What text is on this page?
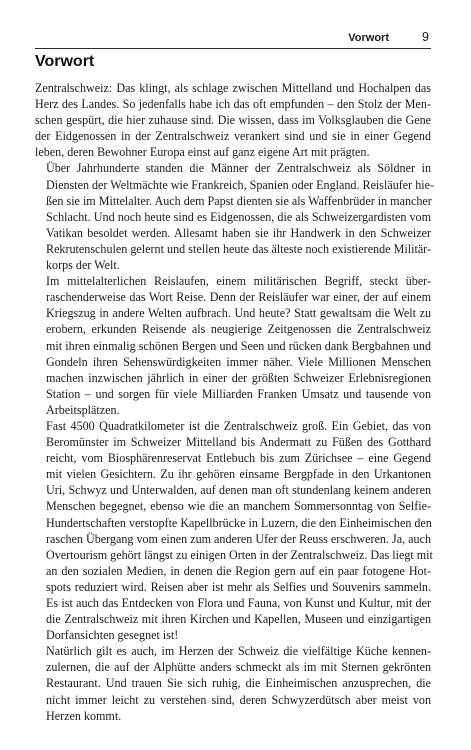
Vorwort	9
Vorwort

Zentralschweiz: Das klingt, als schlage zwischen Mittelland und Hochalpen das
Herz des Landes. So jedenfalls habe ich das oft empfunden – den Stolz der Men-
schen gespürt, die hier zuhause sind. Die wissen, dass im Volksglauben die Gene
der Eidgenossen in der Zentralschweiz verankert sind und sie in einer Gegend
leben, deren Bewohner Europa einst auf ganz eigene Art mit prägten.

Über Jahrhunderte standen die Männer der Zentralschweiz als Söldner in
Diensten der Weltmächte wie Frankreich, Spanien oder England. Reisläufer hie-
ßen sie im Mittelalter. Auch dem Papst dienten sie als Waffenbrüder in mancher
Schlacht. Und noch heute sind es Eidgenossen, die als Schweizergardisten vom
Vatikan besoldet werden. Allesamt haben sie ihr Handwerk in den Schweizer
Rekrutenschulen gelernt und stellen heute das älteste noch existierende Militär-
korps der Welt.

Im mittelalterlichen Reislaufen, einem militärischen Begriff, steckt über-
raschenderweise das Wort Reise. Denn der Reisläufer war einer, der auf einem
Kriegszug in andere Welten aufbrach. Und heute? Statt gewaltsam die Welt zu
erobern, erkunden Reisende als neugierige Zeitgenossen die Zentralschweiz
mit ihren einmalig schönen Bergen und Seen und rücken dank Bergbahnen und
Gondeln ihren Sehenswürdigkeiten immer näher. Viele Millionen Menschen
machen inzwischen jährlich in einer der größten Schweizer Erlebnisregionen
Station – und sorgen für viele Milliarden Franken Umsatz und tausende von
Arbeitsplätzen.

Fast 4500 Quadratkilometer ist die Zentralschweiz groß. Ein Gebiet, das von
Beromünster im Schweizer Mittelland bis Andermatt zu Füßen des Gotthard
reicht, vom Biosphärenreservat Entlebuch bis zum Zürichsee – eine Gegend
mit vielen Gesichtern. Zu ihr gehören einsame Bergpfade in den Urkantonen
Uri, Schwyz und Unterwalden, auf denen man oft stundenlang keinem anderen
Menschen begegnet, ebenso wie die an manchem Sommersonntag von Selfie-
Hundertschaften verstopfte Kapellbrücke in Luzern, die den Einheimischen den
raschen Übergang vom einen zum anderen Ufer der Reuss erschweren. Ja, auch
Overtourism gehört längst zu einigen Orten in der Zentralschweiz. Das liegt mit
an den sozialen Medien, in denen die Region gern auf ein paar fotogene Hot-
spots reduziert wird. Reisen aber ist mehr als Selfies und Souvenirs sammeln.
Es ist auch das Entdecken von Flora und Fauna, von Kunst und Kultur, mit der
die Zentralschweiz mit ihren Kirchen und Kapellen, Museen und einzigartigen
Dorfansichten gesegnet ist!

Natürlich gilt es auch, im Herzen der Schweiz die vielfältige Küche kennen-
zulernen, die auf der Alphütte anders schmeckt als im mit Sternen gekrönten
Restaurant. Und trauen Sie sich ruhig, die Einheimischen anzusprechen, die
nicht immer leicht zu verstehen sind, deren Schwyzerdütsch aber meist von
Herzen kommt.
